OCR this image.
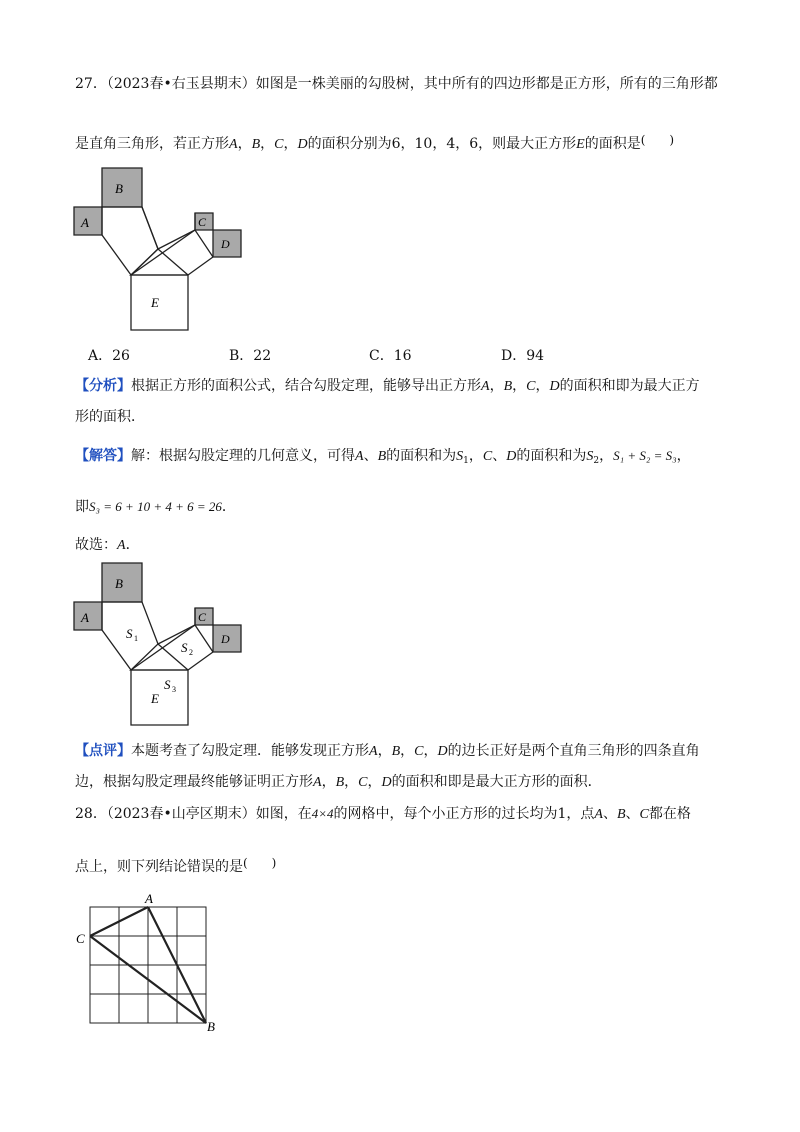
27．（2023春•右玉县期末）如图是一株美丽的勾股树，其中所有的四边形都是正方形，所有的三角形都
是直角三角形，若正方形A，B，C，D的面积分别为6，10，4，6，则最大正方形E的面积是(　　)
B
A	C
D
E
A．26	B．22	C．16	D．94
【分析】根据正方形的面积公式，结合勾股定理，能够导出正方形A，B，C，D的面积和即为最大正方
形的面积．
【解答】解：根据勾股定理的几何意义，可得A、B的面积和为$S_1$，C、D的面积和为$S_2$，S₁ + S₂ = S₃，
即S₃ = 6 + 10 + 4 + 6 = 26．
故选：A．
B
A	C
D
E
S 1
S 2
S 3
【点评】本题考查了勾股定理．能够发现正方形A，B，C，D的边长正好是两个直角三角形的四条直角
边，根据勾股定理最终能够证明正方形A，B，C，D的面积和即是最大正方形的面积．
28．（2023春•山亭区期末）如图，在4×4的网格中，每个小正方形的过长均为1，点A、B、C都在格
点上，则下列结论错误的是(　　)
A
C
B
